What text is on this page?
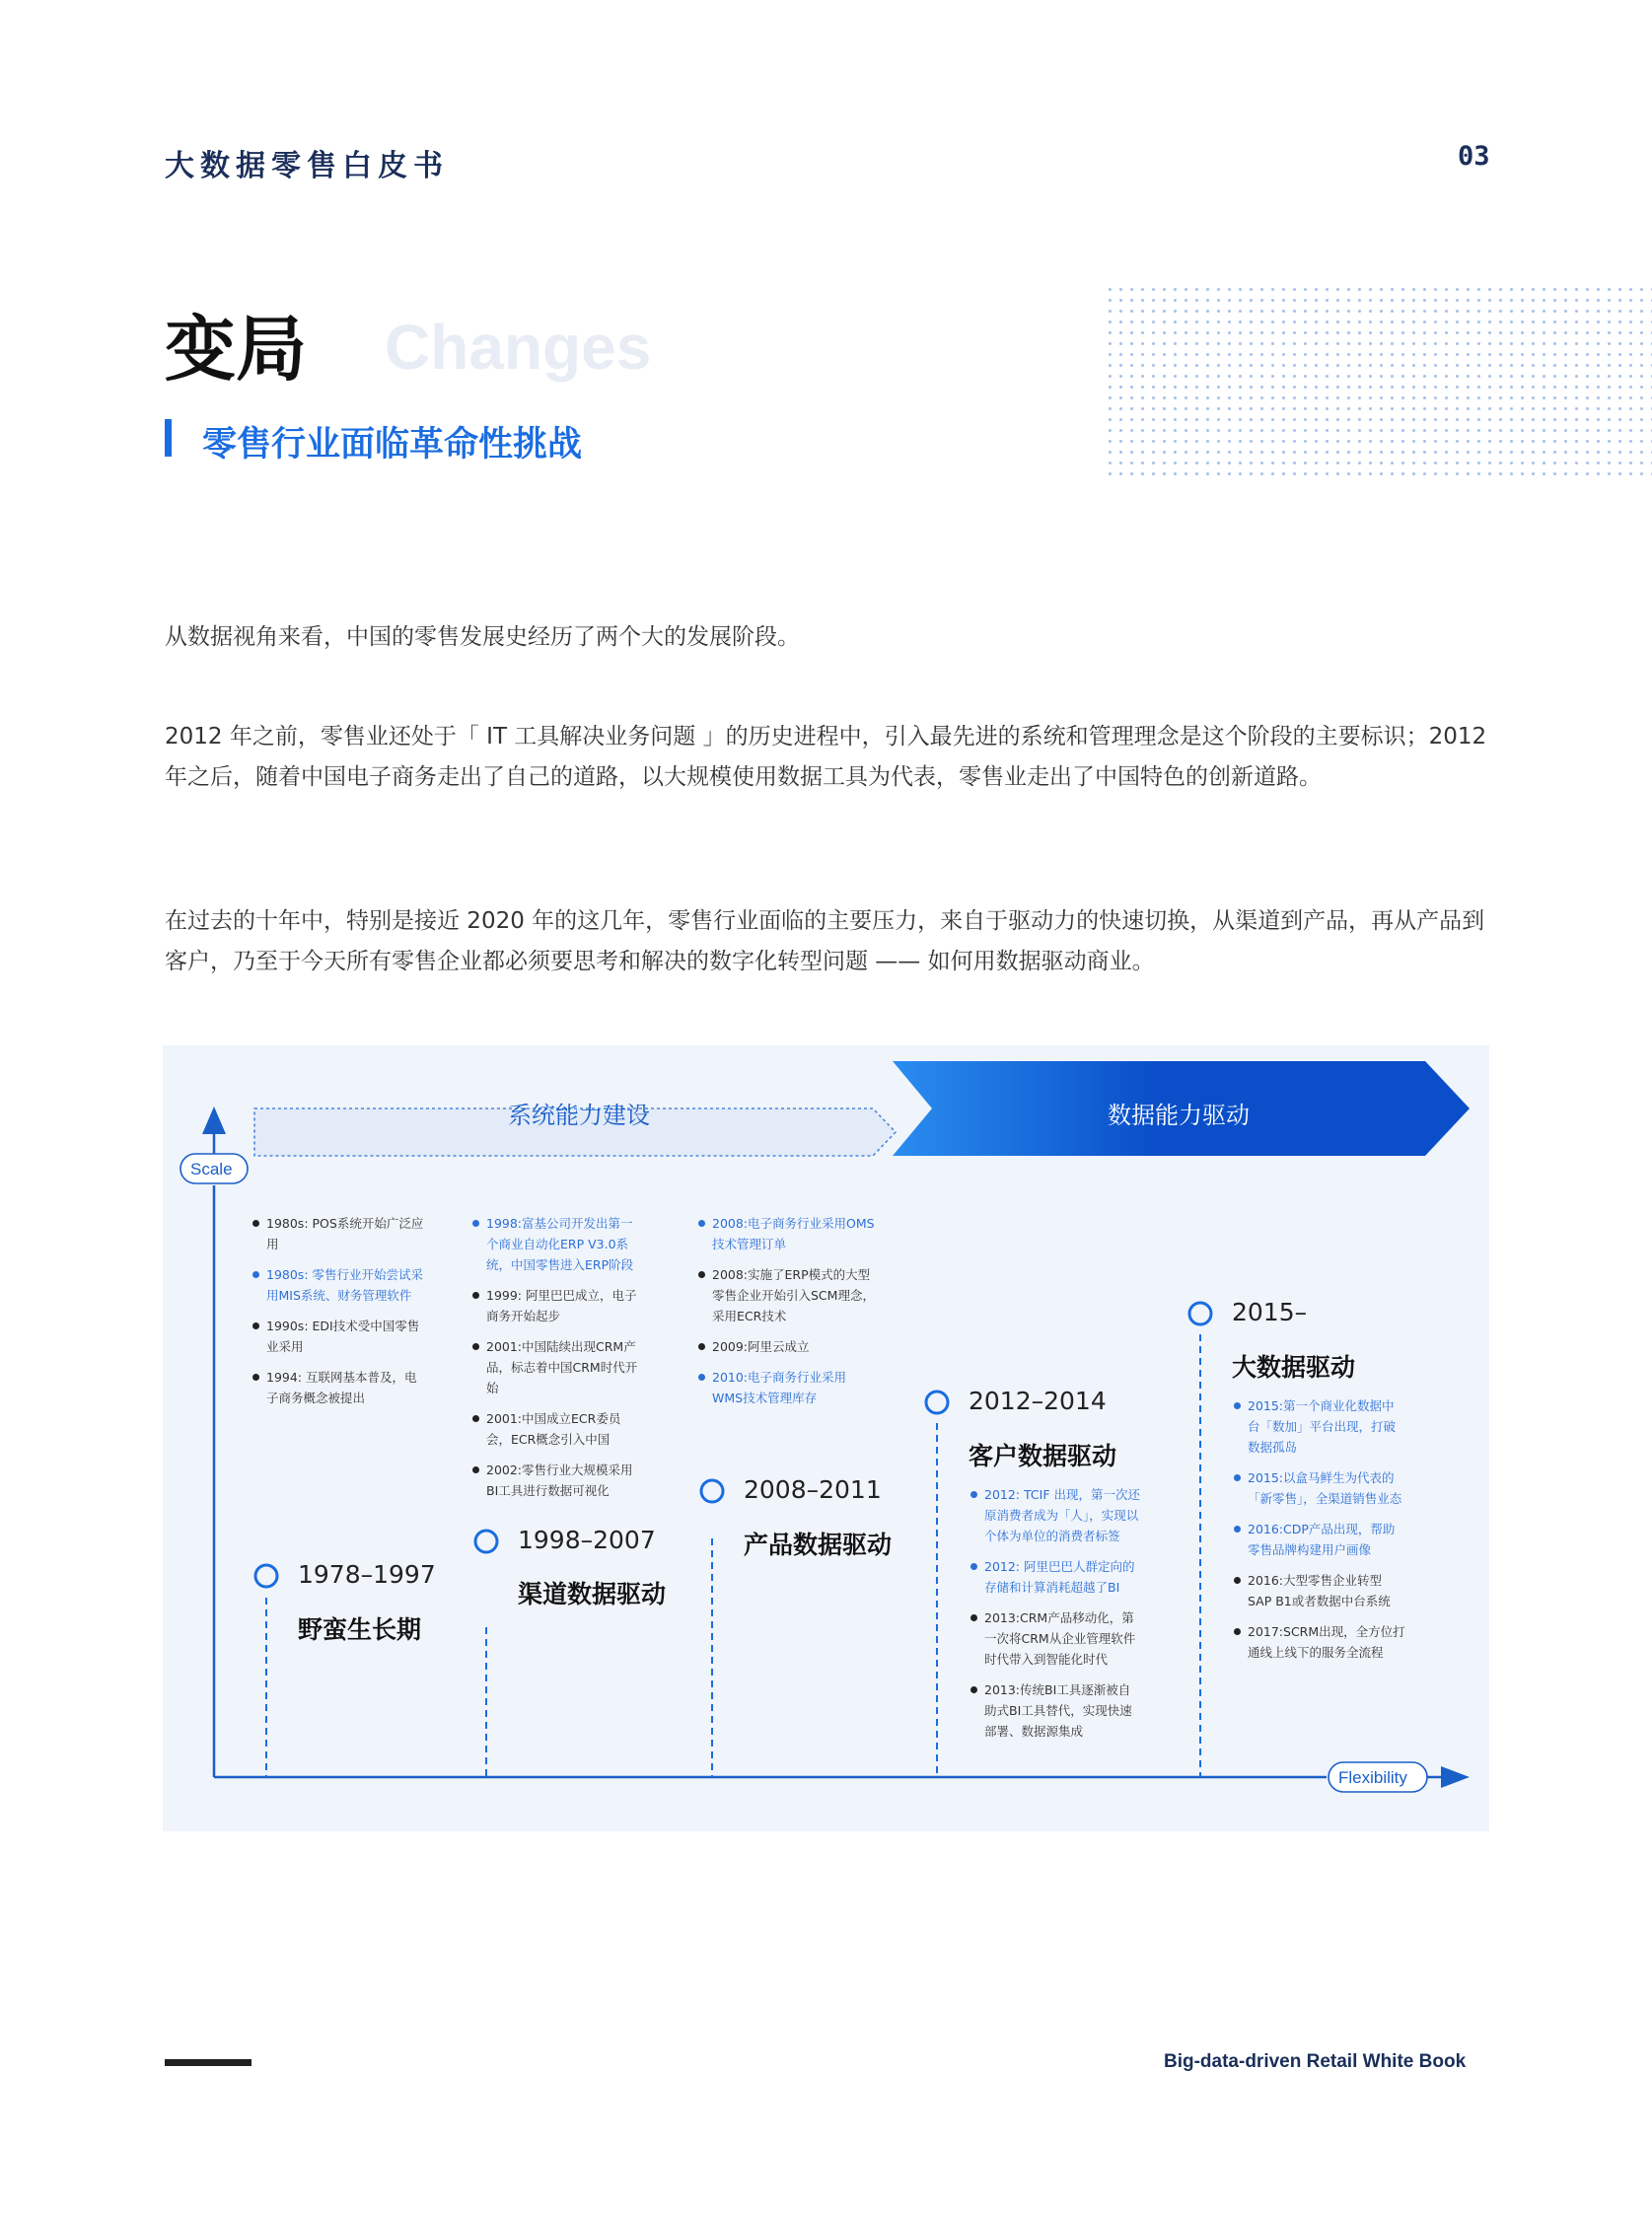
大数据零售白皮书	03
Changes
变局
零售行业面临革命性挑战
从数据视角来看，中国的零售发展史经历了两个大的发展阶段。
2012 年之前，零售业还处于「 IT 工具解决业务问题 」的历史进程中，引入最先进的系统和管理理念是这个阶段的主要标识；2012 年之后，随着中国电子商务走出了自己的道路，以大规模使用数据工具为代表，零售业走出了中国特色的创新道路。
在过去的十年中，特别是接近 2020 年的这几年，零售行业面临的主要压力，来自于驱动力的快速切换，从渠道到产品，再从产品到客户，乃至于今天所有零售企业都必须要思考和解决的数字化转型问题 —— 如何用数据驱动商业。
系统能力建设	数据能力驱动
Scale
Flexibility
1980s: POS系统开始广泛应用
1980s: 零售行业开始尝试采用MIS系统、财务管理软件
1990s: EDI技术受中国零售业采用
1994: 互联网基本普及，电子商务概念被提出
1978–1997
野蛮生长期
1998:富基公司开发出第一个商业自动化ERP V3.0系统，中国零售进入ERP阶段
1999: 阿里巴巴成立，电子商务开始起步
2001:中国陆续出现CRM产品，标志着中国CRM时代开始
2001:中国成立ECR委员会，ECR概念引入中国
2002:零售行业大规模采用BI工具进行数据可视化
1998–2007
渠道数据驱动
2008:电子商务行业采用OMS技术管理订单
2008:实施了ERP模式的大型零售企业开始引入SCM理念，采用ECR技术
2009:阿里云成立
2010:电子商务行业采用WMS技术管理库存
2008–2011
产品数据驱动
2012–2014
客户数据驱动
2012: TCIF 出现，第一次还原消费者成为「人」，实现以个体为单位的消费者标签
2012: 阿里巴巴人群定向的存储和计算消耗超越了BI
2013:CRM产品移动化，第一次将CRM从企业管理软件时代带入到智能化时代
2013:传统BI工具逐渐被自助式BI工具替代，实现快速部署、数据源集成
2015–
大数据驱动
2015:第一个商业化数据中台「数加」平台出现，打破数据孤岛
2015:以盒马鲜生为代表的「新零售」，全渠道销售业态
2016:CDP产品出现，帮助零售品牌构建用户画像
2016:大型零售企业转型SAP B1或者数据中台系统
2017:SCRM出现，全方位打通线上线下的服务全流程
Big-data-driven Retail White Book
